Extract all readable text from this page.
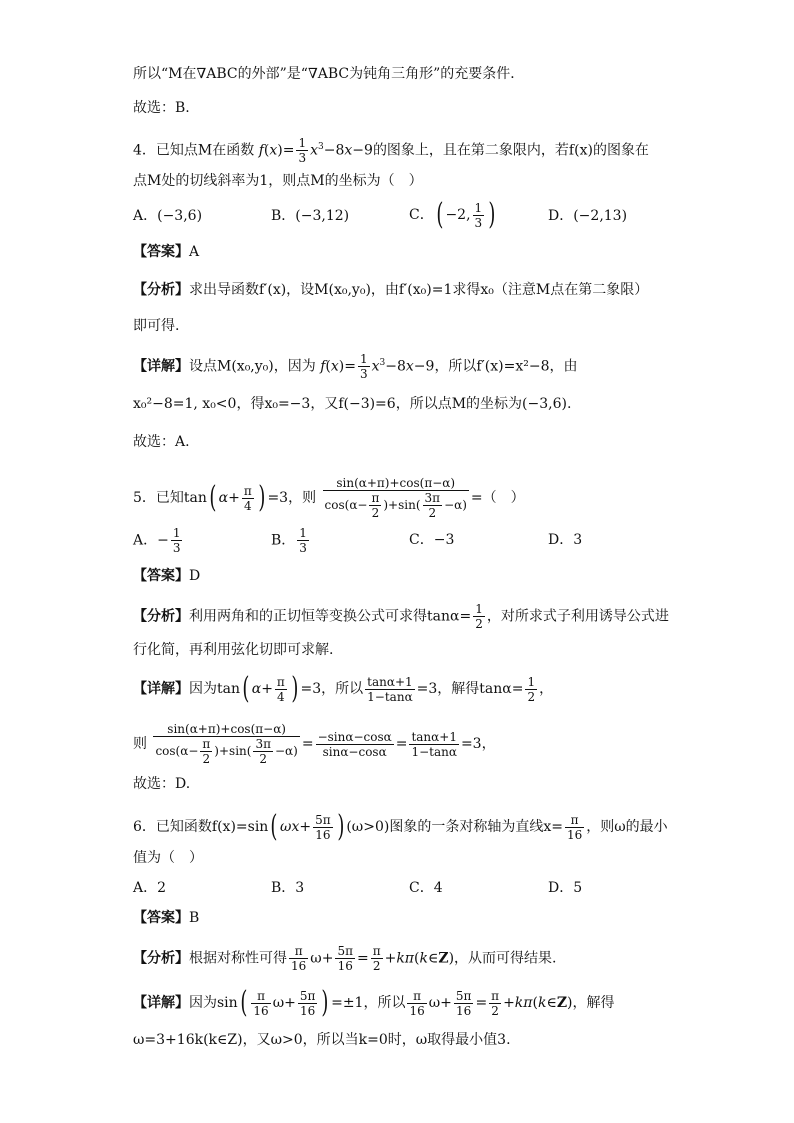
所以“M在∇ABC的外部”是“∇ABC为钝角三角形”的充要条件．
故选：B.
4．已知点M在函数 $f(x)= \frac{1}{3} x^3-8x-9$的图象上，且在第二象限内，若f(x)的图象在
点M处的切线斜率为1，则点M的坐标为（　）
A．(−3,6)	B．(−3,12)	C．( −2, $\frac{1}{3}$ )	D．(−2,13)
【答案】A
【分析】求出导函数f′(x)，设M(x₀,y₀)，由f′(x₀)=1求得x₀（注意M点在第二象限）
即可得.
【详解】设点M(x₀,y₀)，因为 $f(x)= \frac{1}{3} x^3-8x-9$，所以f′(x)=x²−8，由
x₀²−8=1, x₀<0，得x₀=−3，又f(−3)=6，所以点M的坐标为(−3,6).
故选：A.
5．已知tan( $\alpha+ \frac{\pi}{4}$ ) =3，则 $\frac{\sin(\alpha+\pi)+\cos(\pi-\alpha)}{\cos(\alpha- \frac{\pi}{2} )+\sin( \frac{3\pi}{2} -\alpha)}$ =（　）
A．− $\frac{1}{3}$	B． $\frac{1}{3}$	C．−3	D．3
【答案】D
【分析】利用两角和的正切恒等变换公式可求得$\tan\alpha= \frac{1}{2}$ ，对所求式子利用诱导公式进
行化简，再利用弦化切即可求解.
【详解】因为tan( $\alpha+ \frac{\pi}{4}$ ) =3，所以 $\frac{\tan\alpha+1}{1-\tan\alpha} =3$，解得$\tan\alpha= \frac{1}{2}$ ，
则 $\frac{\sin(\alpha+\pi)+\cos(\pi-\alpha)}{\cos(\alpha- \frac{\pi}{2} )+\sin( \frac{3\pi}{2} -\alpha)} = \frac{-\sin\alpha-\cos\alpha}{\sin\alpha-\cos\alpha} = \frac{\tan\alpha+1}{1-\tan\alpha} =3$，
故选：D.
6．已知函数f(x)=sin( $\omega x+ \frac{5\pi}{16}$ ) (ω>0)图象的一条对称轴为直线$x= \frac{\pi}{16}$ ，则ω的最小
值为（　）
A．2	B．3	C．4	D．5
【答案】B
【分析】根据对称性可得 $\frac{\pi}{16} \omega+ \frac{5\pi}{16} = \frac{\pi}{2}$ +kπ(k∈Z)，从而可得结果.
【详解】因为$\sin( \frac{\pi}{16} \omega+ \frac{5\pi}{16}$ ) =±1，所以 $\frac{\pi}{16} \omega+ \frac{5\pi}{16} = \frac{\pi}{2}$ +kπ(k∈Z)，解得
ω=3+16k(k∈Z)，又ω>0，所以当k=0时，ω取得最小值3.
